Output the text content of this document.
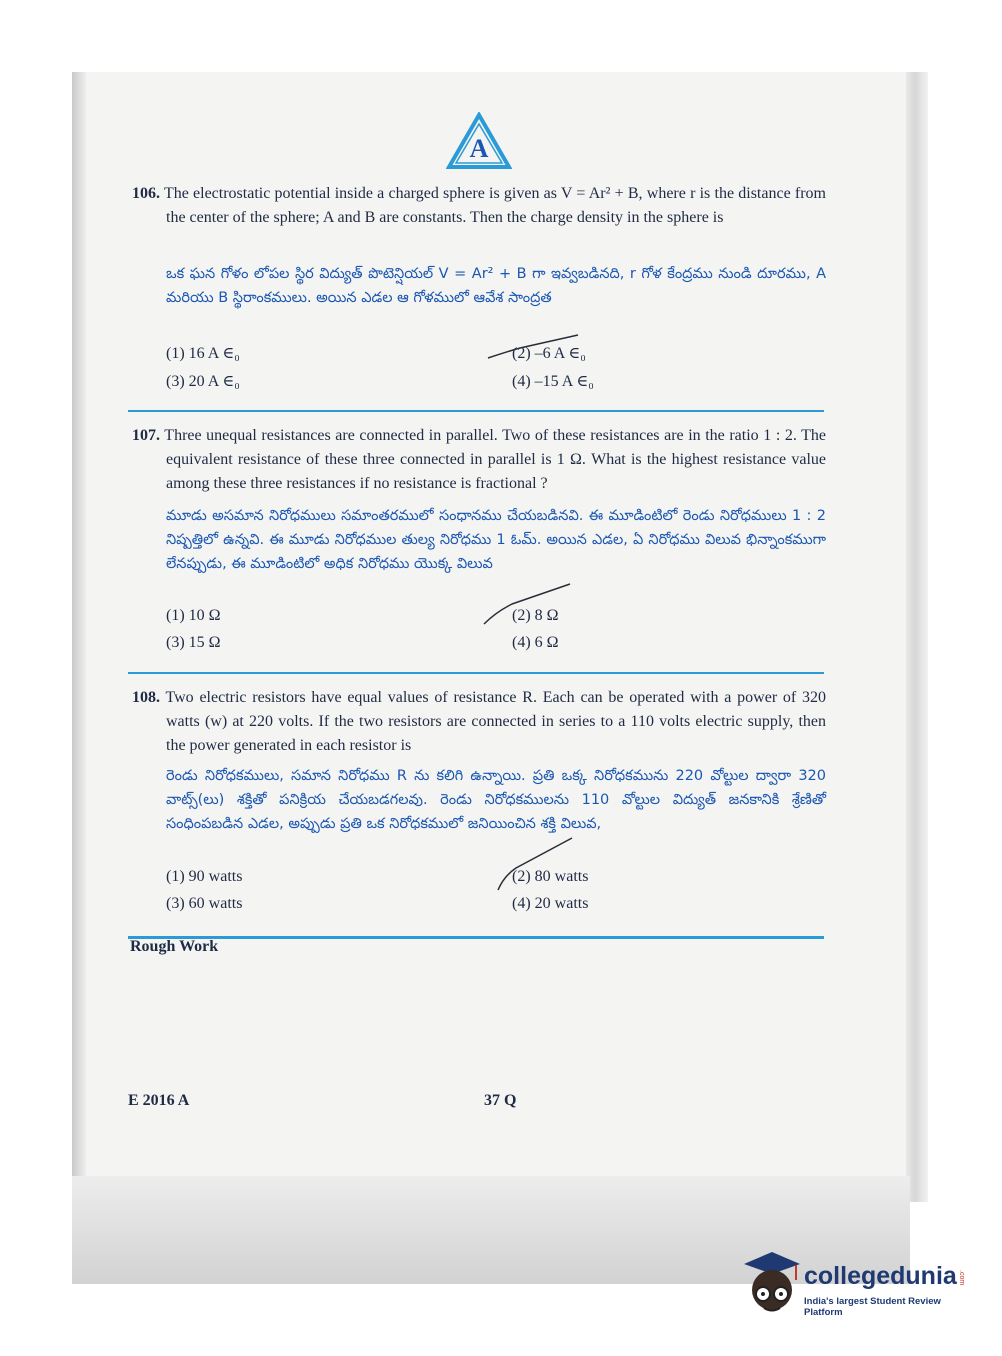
A
106. The electrostatic potential inside a charged sphere is given as V = Ar² + B, where r is the distance from the center of the sphere; A and B are constants. Then the charge density in the sphere is
ఒక ఘన గోళం లోపల స్థిర విద్యుత్ పొటెన్షియల్ V = Ar² + B గా ఇవ్వబడినది, r గోళ కేంద్రము నుండి దూరము, A మరియు B స్థిరాంకములు. అయిన ఎడల ఆ గోళములో ఆవేశ సాంద్రత
(1) 16 A ∈₀	(2) –6 A ∈₀
(3) 20 A ∈₀	(4) –15 A ∈₀
107. Three unequal resistances are connected in parallel. Two of these resistances are in the ratio 1 : 2. The equivalent resistance of these three connected in parallel is 1 Ω. What is the highest resistance value among these three resistances if no resistance is fractional ?
మూడు అసమాన నిరోధములు సమాంతరములో సంధానము చేయబడినవి. ఈ మూడింటిలో రెండు నిరోధములు 1 : 2 నిష్పత్తిలో ఉన్నవి. ఈ మూడు నిరోధముల తుల్య నిరోధము 1 ఓమ్. అయిన ఎడల, ఏ నిరోధము విలువ భిన్నాంకముగా లేనప్పుడు, ఈ మూడింటిలో అధిక నిరోధము యొక్క విలువ
(1) 10 Ω	(2) 8 Ω
(3) 15 Ω	(4) 6 Ω
108. Two electric resistors have equal values of resistance R. Each can be operated with a power of 320 watts (w) at 220 volts. If the two resistors are connected in series to a 110 volts electric supply, then the power generated in each resistor is
రెండు నిరోధకములు, సమాన నిరోధము R ను కలిగి ఉన్నాయి. ప్రతి ఒక్క నిరోధకమును 220 వోల్టుల ద్వారా 320 వాట్స్(లు) శక్తితో పనిక్రియ చేయబడగలవు. రెండు నిరోధకములను 110 వోల్టుల విద్యుత్ జనకానికి శ్రేణితో సంధింపబడిన ఎడల, అప్పుడు ప్రతి ఒక నిరోధకములో జనియించిన శక్తి విలువ,
(1) 90 watts	(2) 80 watts
(3) 60 watts	(4) 20 watts
Rough Work
E 2016 A	37 Q
collegedunia .com
India's largest Student Review Platform
